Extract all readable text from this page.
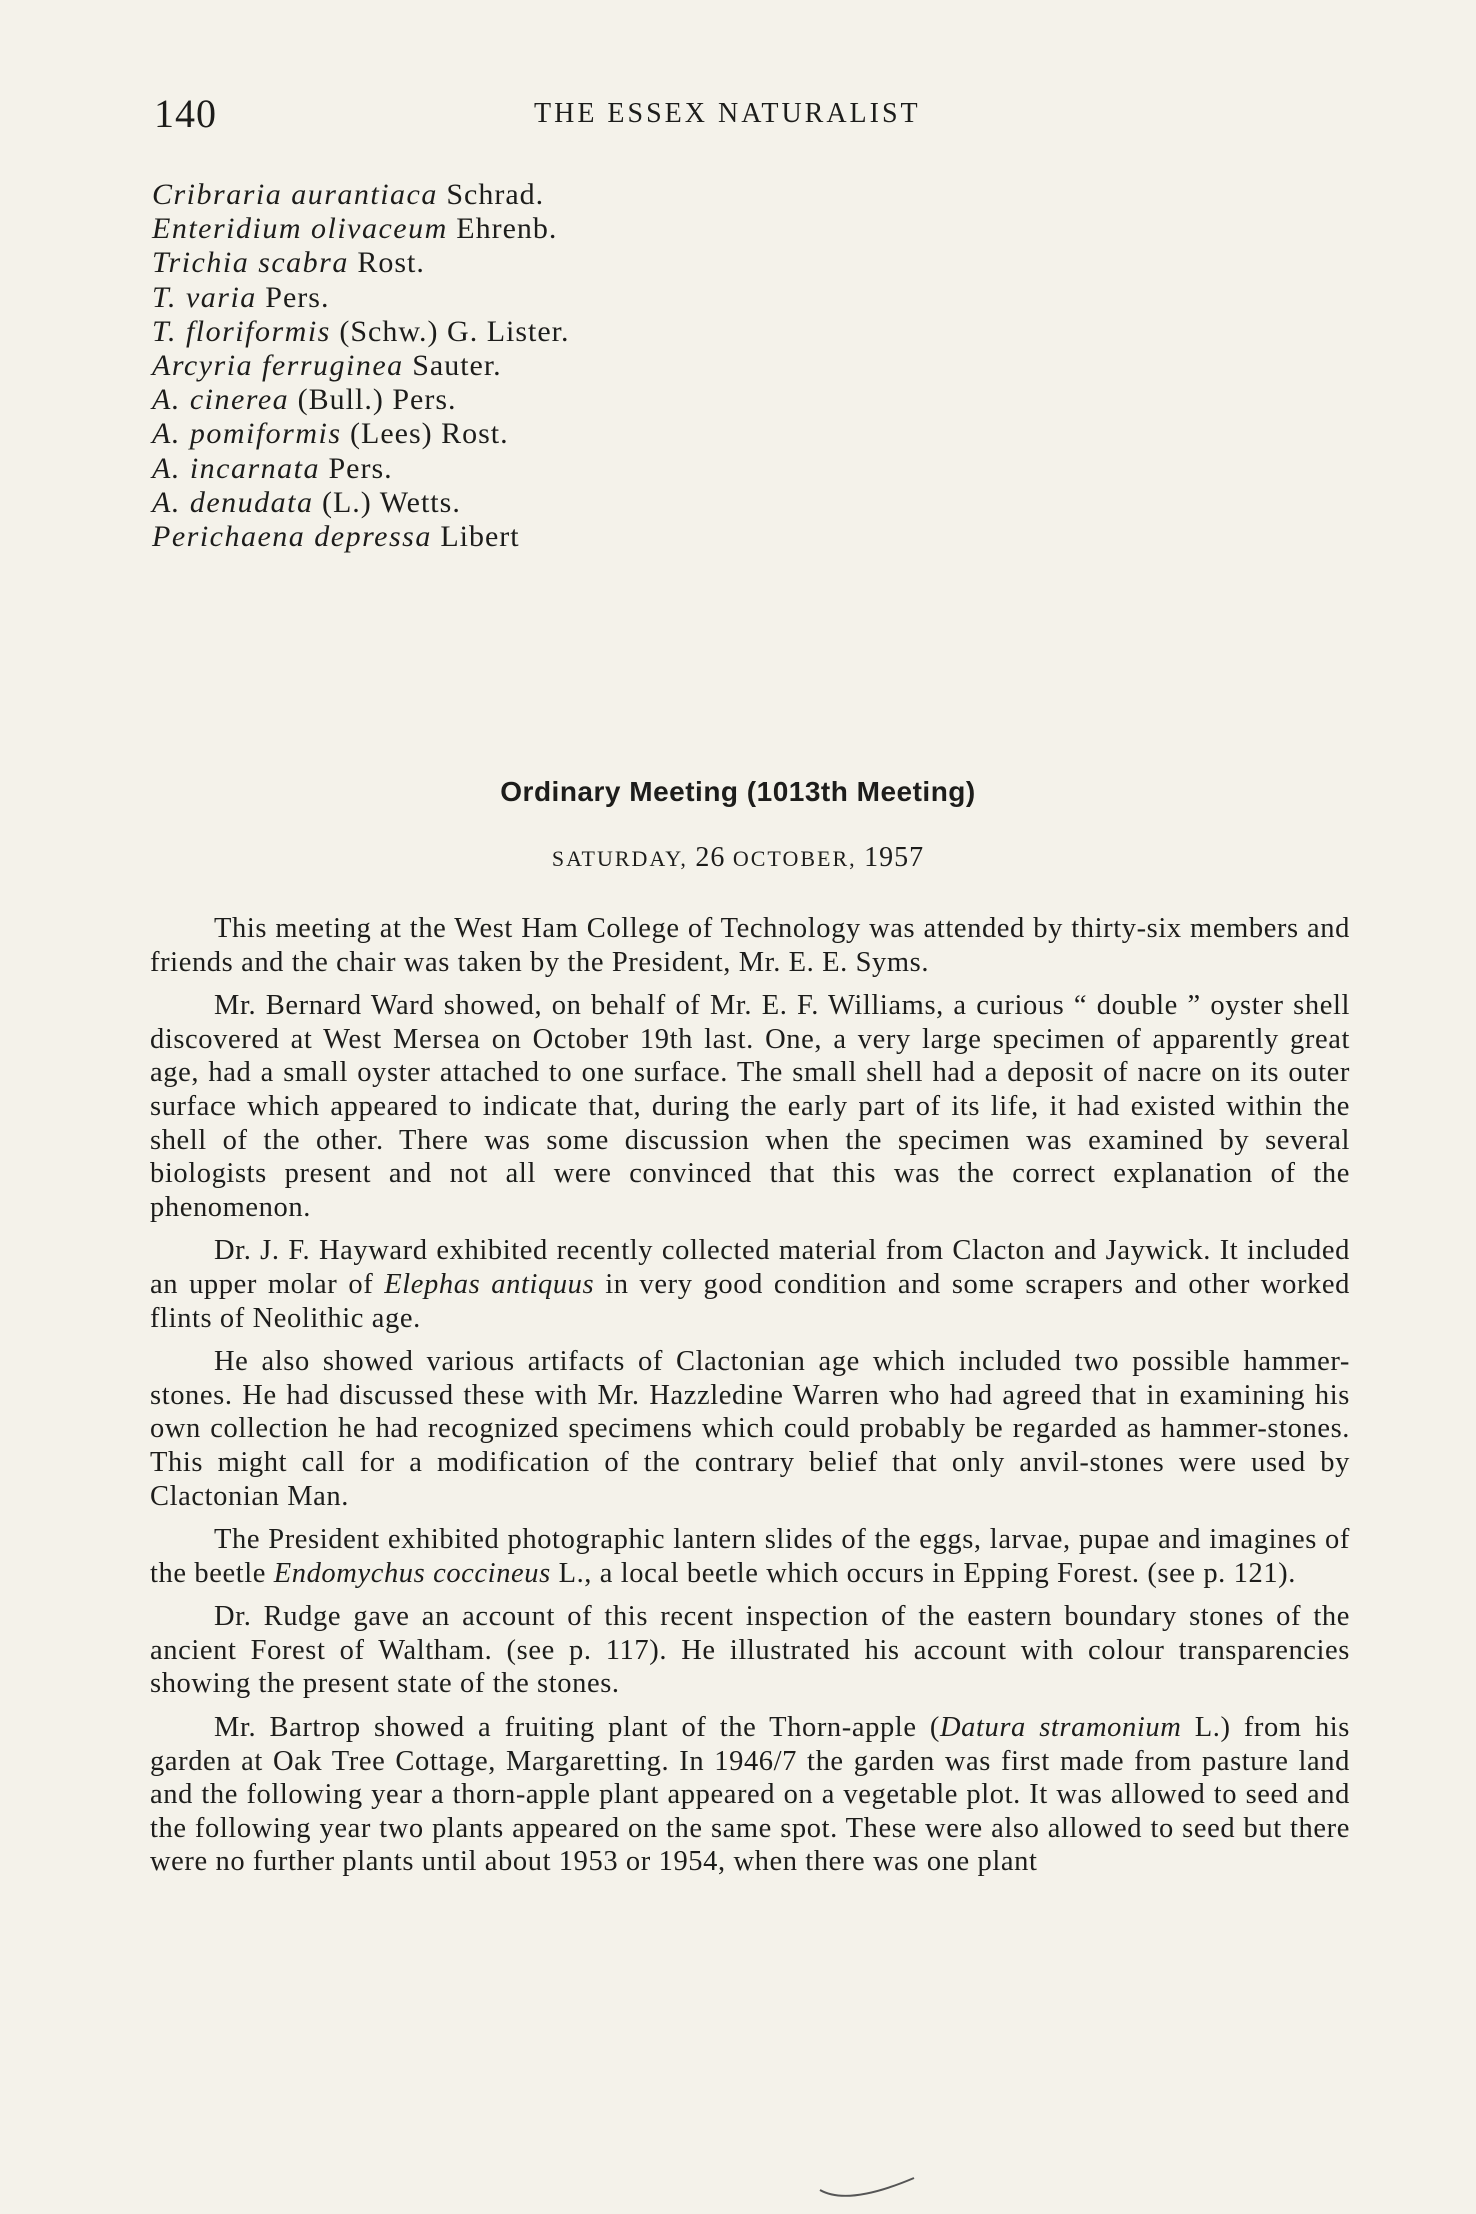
140	THE ESSEX NATURALIST
Cribraria aurantiaca Schrad.
Enteridium olivaceum Ehrenb.
Trichia scabra Rost.
T. varia Pers.
T. floriformis (Schw.) G. Lister.
Arcyria ferruginea Sauter.
A. cinerea (Bull.) Pers.
A. pomiformis (Lees) Rost.
A. incarnata Pers.
A. denudata (L.) Wetts.
Perichaena depressa Libert
Ordinary Meeting (1013th Meeting)
SATURDAY, 26 OCTOBER, 1957

This meeting at the West Ham College of Technology was attended by thirty-six members and friends and the chair was taken by the President, Mr. E. E. Syms.

Mr. Bernard Ward showed, on behalf of Mr. E. F. Williams, a curious “ double ” oyster shell discovered at West Mersea on October 19th last. One, a very large specimen of apparently great age, had a small oyster attached to one surface. The small shell had a deposit of nacre on its outer surface which appeared to indicate that, during the early part of its life, it had existed within the shell of the other. There was some discussion when the specimen was examined by several biologists present and not all were convinced that this was the correct explanation of the phenomenon.

Dr. J. F. Hayward exhibited recently collected material from Clacton and Jaywick. It included an upper molar of Elephas antiquus in very good condition and some scrapers and other worked flints of Neolithic age.

He also showed various artifacts of Clactonian age which included two possible hammer-stones. He had discussed these with Mr. Hazzledine Warren who had agreed that in examining his own collection he had recognized specimens which could probably be regarded as hammer-stones. This might call for a modification of the contrary belief that only anvil-stones were used by Clactonian Man.

The President exhibited photographic lantern slides of the eggs, larvae, pupae and imagines of the beetle Endomychus coccineus L., a local beetle which occurs in Epping Forest. (see p. 121).

Dr. Rudge gave an account of this recent inspection of the eastern boundary stones of the ancient Forest of Waltham. (see p. 117). He illustrated his account with colour transparencies showing the present state of the stones.

Mr. Bartrop showed a fruiting plant of the Thorn-apple (Datura stramonium L.) from his garden at Oak Tree Cottage, Margaretting. In 1946/7 the garden was first made from pasture land and the following year a thorn-apple plant appeared on a vegetable plot. It was allowed to seed and the following year two plants appeared on the same spot. These were also allowed to seed but there were no further plants until about 1953 or 1954, when there was one plant
